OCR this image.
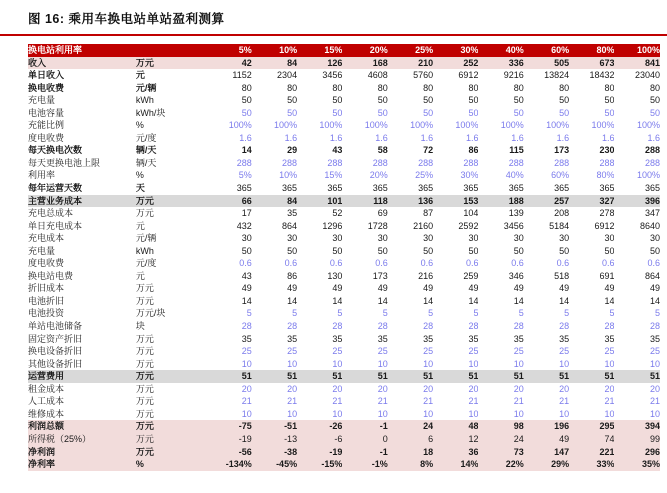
图 16: 乘用车换电站单站盈利测算
换电站利用率		5%	10%	15%	20%	25%	30%	40%	60%	80%	100%
收入	万元	42	84	126	168	210	252	336	505	673	841
单日收入	元	1152	2304	3456	4608	5760	6912	9216	13824	18432	23040
换电收费	元/辆	80	80	80	80	80	80	80	80	80	80
充电量	kWh	50	50	50	50	50	50	50	50	50	50
电池容量	kWh/块	50	50	50	50	50	50	50	50	50	50
充能比例	%	100%	100%	100%	100%	100%	100%	100%	100%	100%	100%
度电收费	元/度	1.6	1.6	1.6	1.6	1.6	1.6	1.6	1.6	1.6	1.6
每天换电次数	辆/天	14	29	43	58	72	86	115	173	230	288
每天更换电池上限	辆/天	288	288	288	288	288	288	288	288	288	288
利用率	%	5%	10%	15%	20%	25%	30%	40%	60%	80%	100%
每年运营天数	天	365	365	365	365	365	365	365	365	365	365
主营业务成本	万元	66	84	101	118	136	153	188	257	327	396
充电总成本	万元	17	35	52	69	87	104	139	208	278	347
单日充电成本	元	432	864	1296	1728	2160	2592	3456	5184	6912	8640
充电成本	元/辆	30	30	30	30	30	30	30	30	30	30
充电量	kWh	50	50	50	50	50	50	50	50	50	50
度电收费	元/度	0.6	0.6	0.6	0.6	0.6	0.6	0.6	0.6	0.6	0.6
换电站电费	元	43	86	130	173	216	259	346	518	691	864
折旧成本	万元	49	49	49	49	49	49	49	49	49	49
电池折旧	万元	14	14	14	14	14	14	14	14	14	14
电池投资	万元/块	5	5	5	5	5	5	5	5	5	5
单站电池储备	块	28	28	28	28	28	28	28	28	28	28
固定资产折旧	万元	35	35	35	35	35	35	35	35	35	35
换电设备折旧	万元	25	25	25	25	25	25	25	25	25	25
其他设备折旧	万元	10	10	10	10	10	10	10	10	10	10
运营费用	万元	51	51	51	51	51	51	51	51	51	51
租金成本	万元	20	20	20	20	20	20	20	20	20	20
人工成本	万元	21	21	21	21	21	21	21	21	21	21
维修成本	万元	10	10	10	10	10	10	10	10	10	10
利润总额	万元	-75	-51	-26	-1	24	48	98	196	295	394
所得税（25%）	万元	-19	-13	-6	0	6	12	24	49	74	99
净利润	万元	-56	-38	-19	-1	18	36	73	147	221	296
净利率	%	-134%	-45%	-15%	-1%	8%	14%	22%	29%	33%	35%
